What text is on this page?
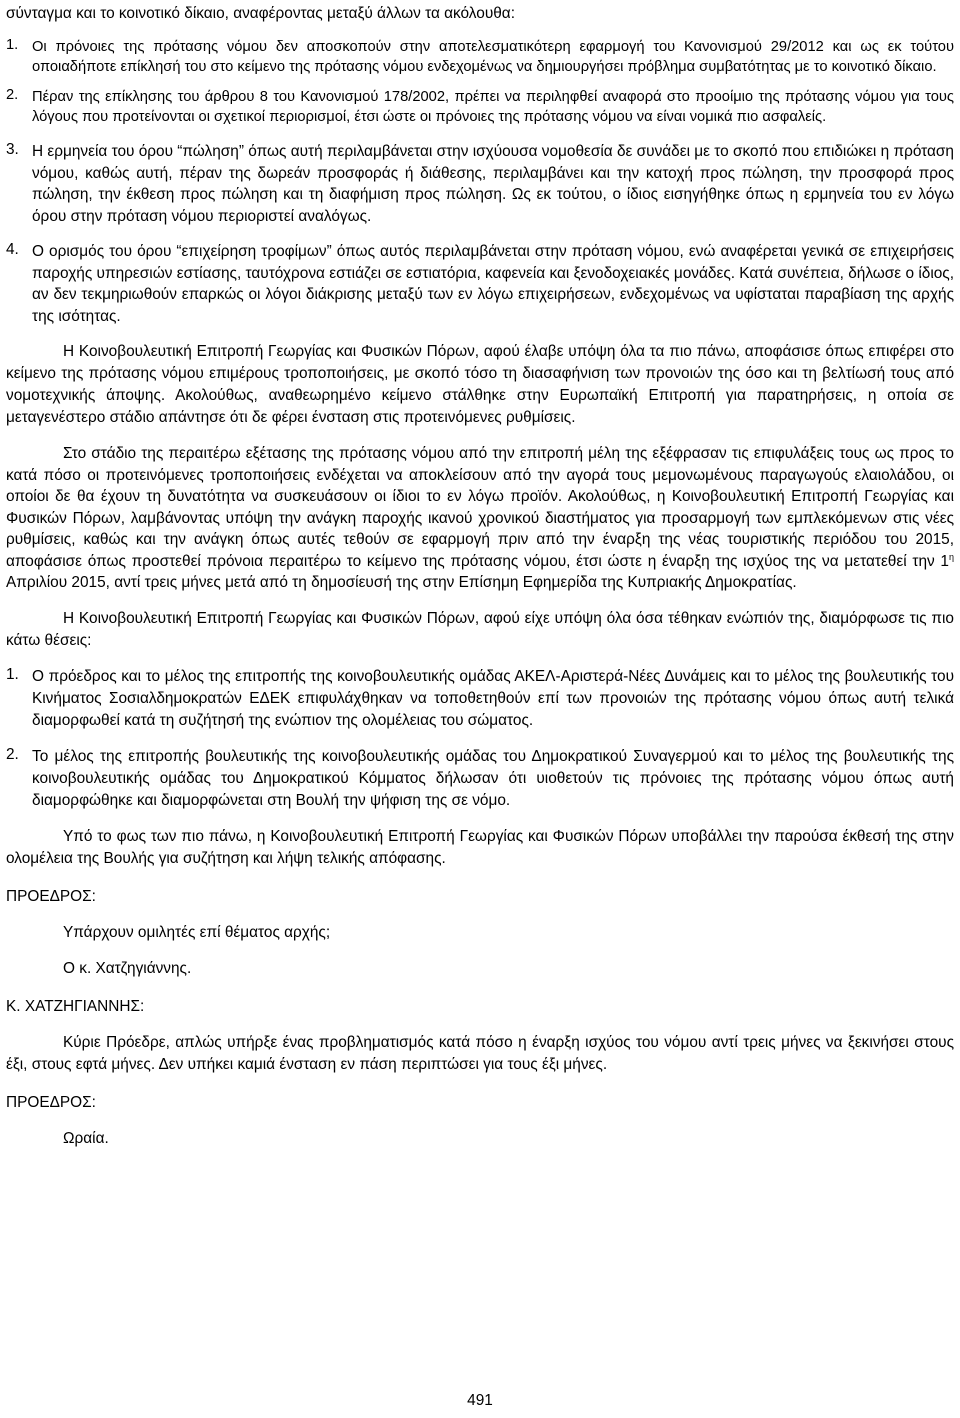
σύνταγμα και το κοινοτικό δίκαιο, αναφέροντας μεταξύ άλλων τα ακόλουθα:

1. Οι πρόνοιες της πρότασης νόμου δεν αποσκοπούν στην αποτελεσματικότερη εφαρμογή του Κανονισμού 29/2012 και ως εκ τούτου οποιαδήποτε επίκλησή του στο κείμενο της πρότασης νόμου ενδεχομένως να δημιουργήσει πρόβλημα συμβατότητας με το κοινοτικό δίκαιο.

2. Πέραν της επίκλησης του άρθρου 8 του Κανονισμού 178/2002, πρέπει να περιληφθεί αναφορά στο προοίμιο της πρότασης νόμου για τους λόγους που προτείνονται οι σχετικοί περιορισμοί, έτσι ώστε οι πρόνοιες της πρότασης νόμου να είναι νομικά πιο ασφαλείς.

3. Η ερμηνεία του όρου “πώληση” όπως αυτή περιλαμβάνεται στην ισχύουσα νομοθεσία δε συνάδει με το σκοπό που επιδιώκει η πρόταση νόμου, καθώς αυτή, πέραν της δωρεάν προσφοράς ή διάθεσης, περιλαμβάνει και την κατοχή προς πώληση, την προσφορά προς πώληση, την έκθεση προς πώληση και τη διαφήμιση προς πώληση. Ως εκ τούτου, ο ίδιος εισηγήθηκε όπως η ερμηνεία του εν λόγω όρου στην πρόταση νόμου περιοριστεί αναλόγως.

4. Ο ορισμός του όρου “επιχείρηση τροφίμων” όπως αυτός περιλαμβάνεται στην πρόταση νόμου, ενώ αναφέρεται γενικά σε επιχειρήσεις παροχής υπηρεσιών εστίασης, ταυτόχρονα εστιάζει σε εστιατόρια, καφενεία και ξενοδοχειακές μονάδες. Κατά συνέπεια, δήλωσε ο ίδιος, αν δεν τεκμηριωθούν επαρκώς οι λόγοι διάκρισης μεταξύ των εν λόγω επιχειρήσεων, ενδεχομένως να υφίσταται παραβίαση της αρχής της ισότητας.

Η Κοινοβουλευτική Επιτροπή Γεωργίας και Φυσικών Πόρων, αφού έλαβε υπόψη όλα τα πιο πάνω, αποφάσισε όπως επιφέρει στο κείμενο της πρότασης νόμου επιμέρους τροποποιήσεις, με σκοπό τόσο τη διασαφήνιση των προνοιών της όσο και τη βελτίωσή τους από νομοτεχνικής άποψης. Ακολούθως, αναθεωρημένο κείμενο στάλθηκε στην Ευρωπαϊκή Επιτροπή για παρατηρήσεις, η οποία σε μεταγενέστερο στάδιο απάντησε ότι δε φέρει ένσταση στις προτεινόμενες ρυθμίσεις.

Στο στάδιο της περαιτέρω εξέτασης της πρότασης νόμου από την επιτροπή μέλη της εξέφρασαν τις επιφυλάξεις τους ως προς το κατά πόσο οι προτεινόμενες τροποποιήσεις ενδέχεται να αποκλείσουν από την αγορά τους μεμονωμένους παραγωγούς ελαιολάδου, οι οποίοι δε θα έχουν τη δυνατότητα να συσκευάσουν οι ίδιοι το εν λόγω προϊόν. Ακολούθως, η Κοινοβουλευτική Επιτροπή Γεωργίας και Φυσικών Πόρων, λαμβάνοντας υπόψη την ανάγκη παροχής ικανού χρονικού διαστήματος για προσαρμογή των εμπλεκόμενων στις νέες ρυθμίσεις, καθώς και την ανάγκη όπως αυτές τεθούν σε εφαρμογή πριν από την έναρξη της νέας τουριστικής περιόδου του 2015, αποφάσισε όπως προστεθεί πρόνοια περαιτέρω το κείμενο της πρότασης νόμου, έτσι ώστε η έναρξη της ισχύος της να μετατεθεί την $1^\eta$ Απριλίου 2015, αντί τρεις μήνες μετά από τη δημοσίευσή της στην Επίσημη Εφημερίδα της Κυπριακής Δημοκρατίας.

Η Κοινοβουλευτική Επιτροπή Γεωργίας και Φυσικών Πόρων, αφού είχε υπόψη όλα όσα τέθηκαν ενώπιόν της, διαμόρφωσε τις πιο κάτω θέσεις:

1. Ο πρόεδρος και το μέλος της επιτροπής της κοινοβουλευτικής ομάδας ΑΚΕΛ-Αριστερά-Νέες Δυνάμεις και το μέλος της βουλευτικής του Κινήματος Σοσιαλδημοκρατών ΕΔΕΚ επιφυλάχθηκαν να τοποθετηθούν επί των προνοιών της πρότασης νόμου όπως αυτή τελικά διαμορφωθεί κατά τη συζήτησή της ενώπιον της ολομέλειας του σώματος.

2. Το μέλος της επιτροπής βουλευτικής της κοινοβουλευτικής ομάδας του Δημοκρατικού Συναγερμού και το μέλος της βουλευτικής της κοινοβουλευτικής ομάδας του Δημοκρατικού Κόμματος δήλωσαν ότι υιοθετούν τις πρόνοιες της πρότασης νόμου όπως αυτή διαμορφώθηκε και διαμορφώνεται στη Βουλή την ψήφιση της σε νόμο.

Υπό το φως των πιο πάνω, η Κοινοβουλευτική Επιτροπή Γεωργίας και Φυσικών Πόρων υποβάλλει την παρούσα έκθεσή της στην ολομέλεια της Βουλής για συζήτηση και λήψη τελικής απόφασης.

ΠΡΟΕΔΡΟΣ:

Υπάρχουν ομιλητές επί θέματος αρχής;

Ο κ. Χατζηγιάννης.

Κ. ΧΑΤΖΗΓΙΑΝΝΗΣ:

Κύριε Πρόεδρε, απλώς υπήρξε ένας προβληματισμός κατά πόσο η έναρξη ισχύος του νόμου αντί τρεις μήνες να ξεκινήσει στους έξι, στους εφτά μήνες. Δεν υπήκει καμιά ένσταση εν πάση περιπτώσει για τους έξι μήνες.

ΠΡΟΕΔΡΟΣ:

Ωραία.

491
